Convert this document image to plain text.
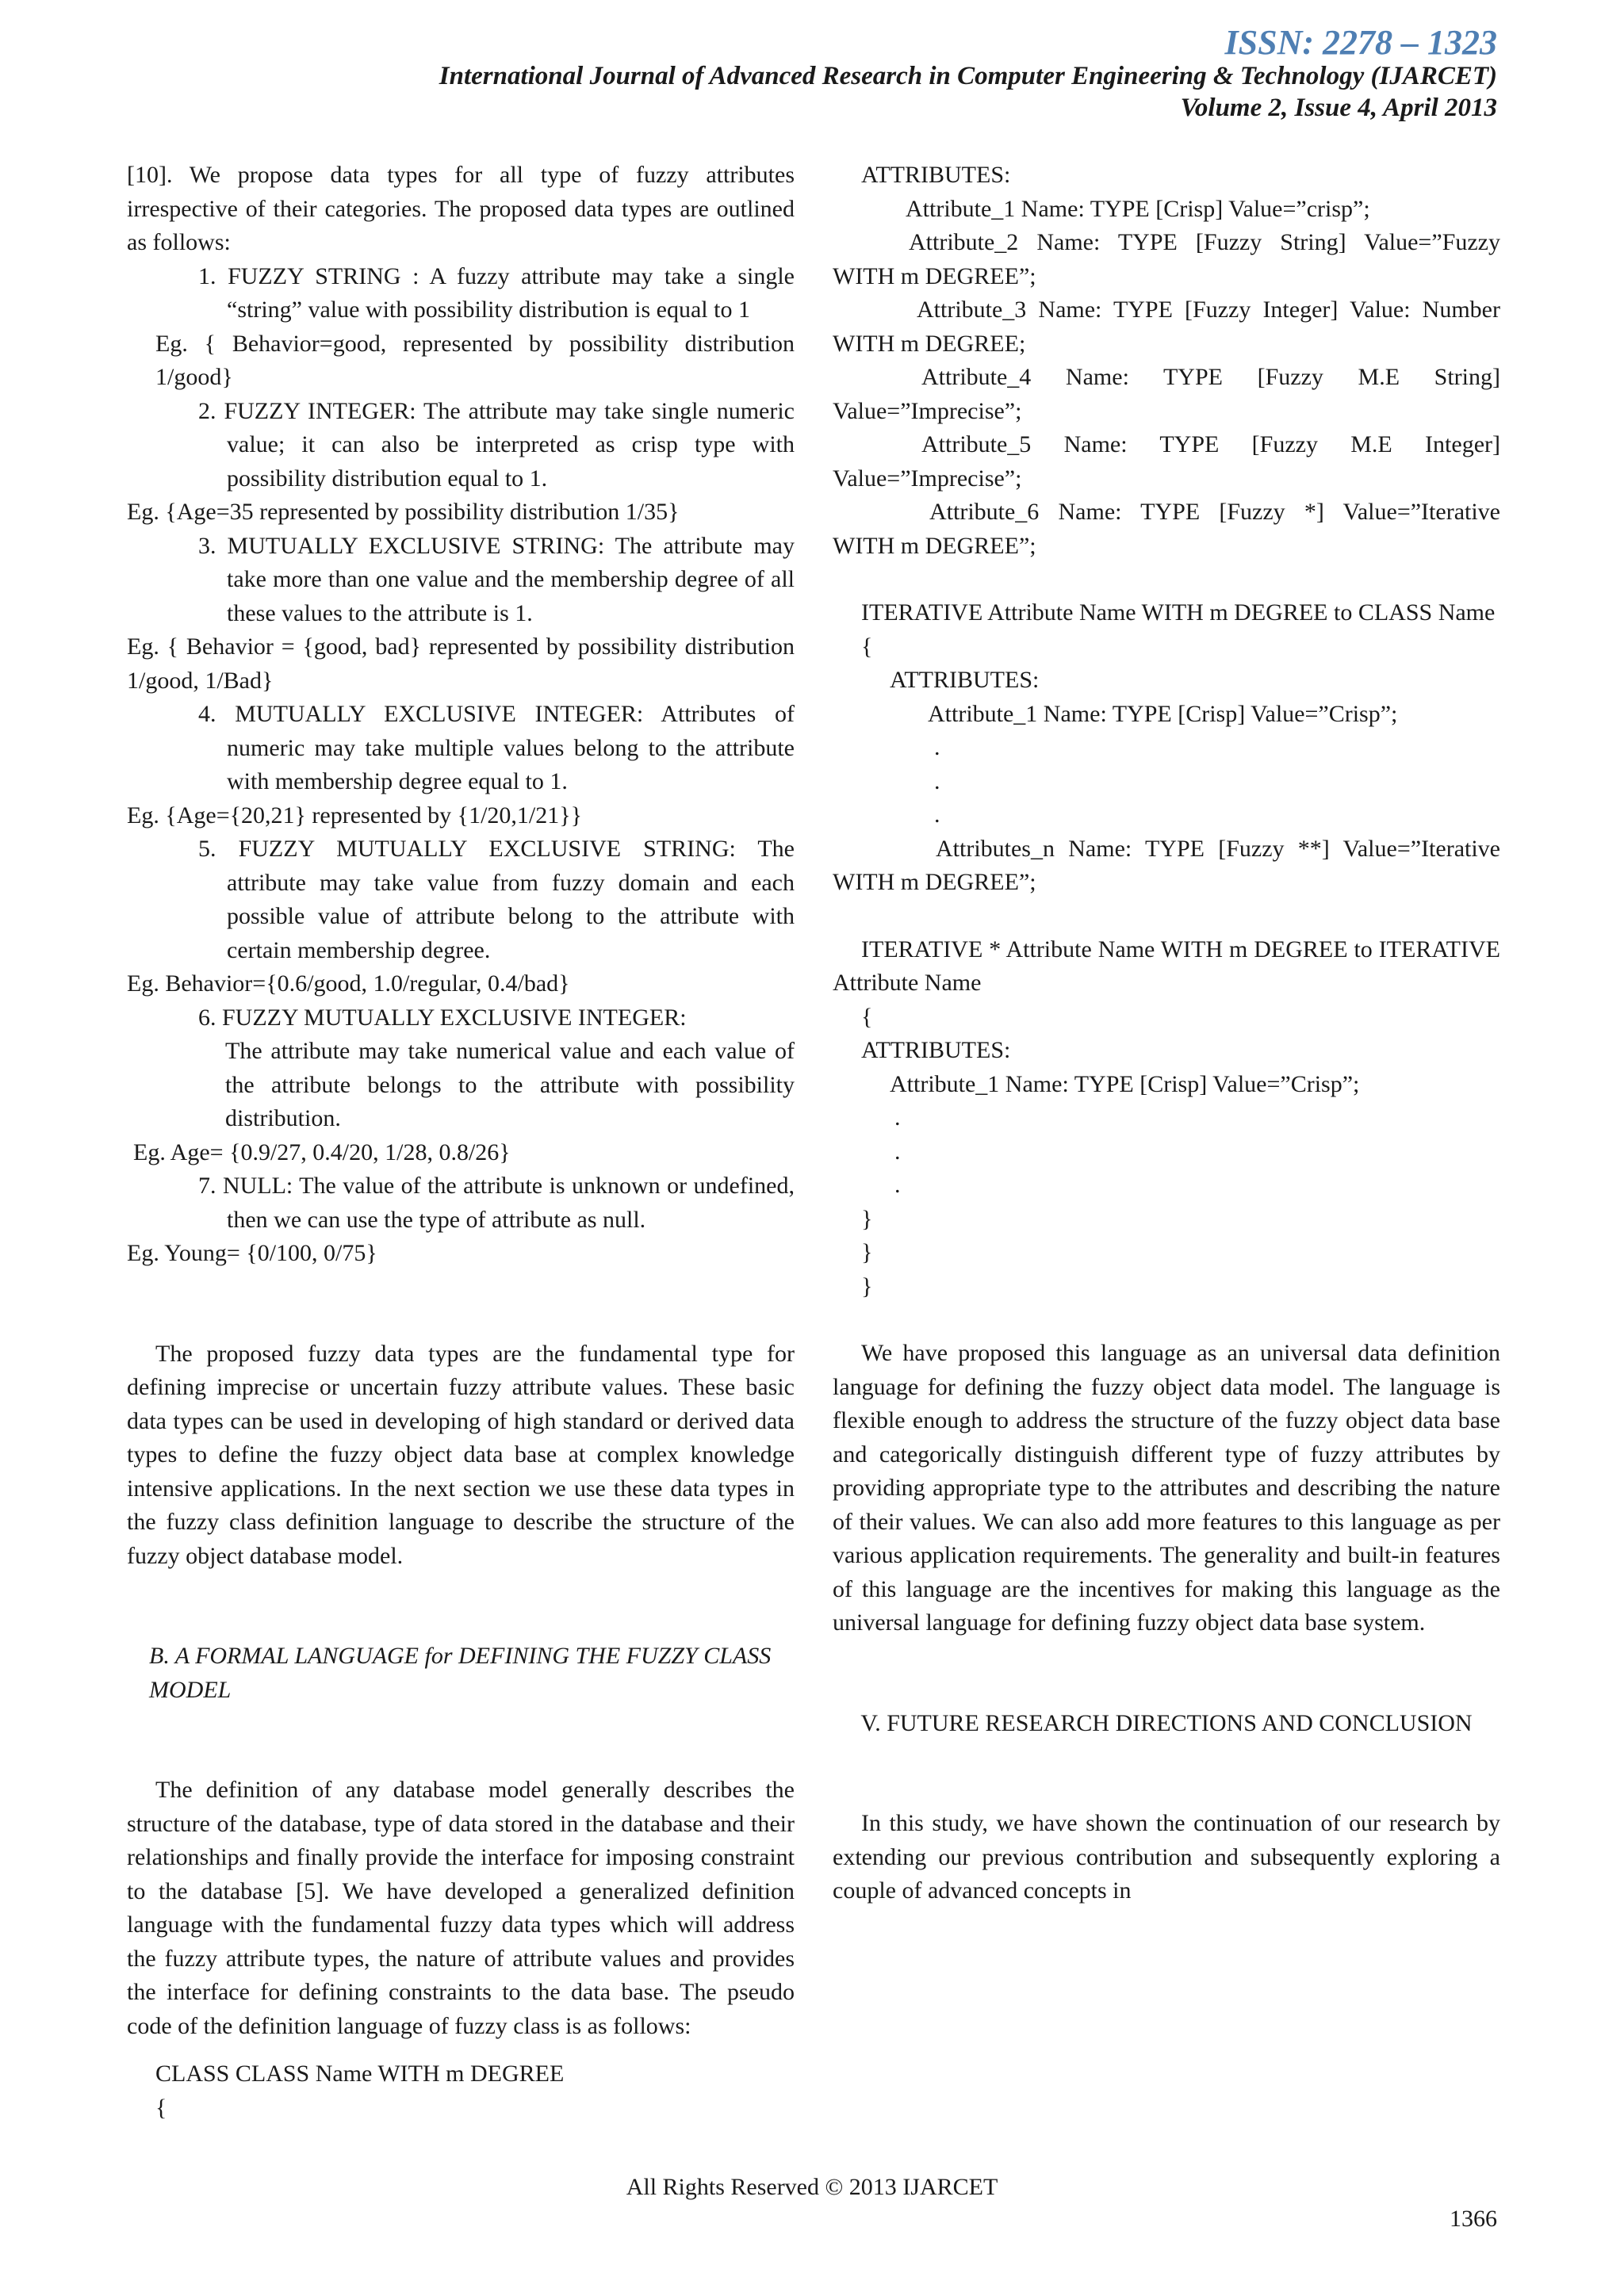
ISSN: 2278 – 1323
International Journal of Advanced Research in Computer Engineering & Technology (IJARCET)
Volume 2, Issue 4, April 2013

[10]. We propose data types for all type of fuzzy attributes irrespective of their categories. The proposed data types are outlined as follows:

1. FUZZY STRING : A fuzzy attribute may take a single “string” value with possibility distribution is equal to 1

Eg. { Behavior=good, represented by possibility distribution 1/good}

2. FUZZY INTEGER: The attribute may take single numeric value; it can also be interpreted as crisp type with possibility distribution equal to 1.

Eg. {Age=35 represented by possibility distribution 1/35}

3. MUTUALLY EXCLUSIVE STRING: The attribute may take more than one value and the membership degree of all these values to the attribute is 1.

Eg. { Behavior = {good, bad} represented by possibility distribution 1/good, 1/Bad}

4. MUTUALLY EXCLUSIVE INTEGER: Attributes of numeric may take multiple values belong to the attribute with membership degree equal to 1.

Eg. {Age={20,21} represented by {1/20,1/21}}

5. FUZZY MUTUALLY EXCLUSIVE STRING: The attribute may take value from fuzzy domain and each possible value of attribute belong to the attribute with certain membership degree.

Eg. Behavior={0.6/good, 1.0/regular, 0.4/bad}

6. FUZZY MUTUALLY EXCLUSIVE INTEGER:

The attribute may take numerical value and each value of the attribute belongs to the attribute with possibility distribution.

Eg. Age= {0.9/27, 0.4/20, 1/28, 0.8/26}

7. NULL: The value of the attribute is unknown or undefined, then we can use the type of attribute as null.

Eg. Young= {0/100, 0/75}

The proposed fuzzy data types are the fundamental type for defining imprecise or uncertain fuzzy attribute values. These basic data types can be used in developing of high standard or derived data types to define the fuzzy object data base at complex knowledge intensive applications. In the next section we use these data types in the fuzzy class definition language to describe the structure of the fuzzy object database model.

B. A FORMAL LANGUAGE for DEFINING THE FUZZY CLASS MODEL

The definition of any database model generally describes the structure of the database, type of data stored in the database and their relationships and finally provide the interface for imposing constraint to the database [5]. We have developed a generalized definition language with the fundamental fuzzy data types which will address the fuzzy attribute types, the nature of attribute values and provides the interface for defining constraints to the data base. The pseudo code of the definition language of fuzzy class is as follows:

CLASS CLASS Name WITH m DEGREE

{

ATTRIBUTES:

Attribute_1 Name: TYPE [Crisp] Value=”crisp”;

Attribute_2 Name: TYPE [Fuzzy String] Value=”Fuzzy WITH m DEGREE”;

Attribute_3 Name: TYPE [Fuzzy Integer] Value: Number WITH m DEGREE;

Attribute_4 Name: TYPE [Fuzzy M.E String] Value=”Imprecise”;

Attribute_5 Name: TYPE [Fuzzy M.E Integer] Value=”Imprecise”;

Attribute_6 Name: TYPE [Fuzzy *] Value=”Iterative WITH m DEGREE”;

ITERATIVE Attribute Name WITH m DEGREE to CLASS Name

{

ATTRIBUTES:

Attribute_1 Name: TYPE [Crisp] Value=”Crisp”;

.

.

.

Attributes_n Name: TYPE [Fuzzy **] Value=”Iterative WITH m DEGREE”;

ITERATIVE * Attribute Name WITH m DEGREE to ITERATIVE Attribute Name

{

ATTRIBUTES:

Attribute_1 Name: TYPE [Crisp] Value=”Crisp”;

.

.

.

}

}

}

We have proposed this language as an universal data definition language for defining the fuzzy object data model. The language is flexible enough to address the structure of the fuzzy object data base and categorically distinguish different type of fuzzy attributes by providing appropriate type to the attributes and describing the nature of their values. We can also add more features to this language as per various application requirements. The generality and built-in features of this language are the incentives for making this language as the universal language for defining fuzzy object data base system.

V. FUTURE RESEARCH DIRECTIONS AND CONCLUSION

In this study, we have shown the continuation of our research by extending our previous contribution and subsequently exploring a couple of advanced concepts in

All Rights Reserved © 2013 IJARCET
1366
